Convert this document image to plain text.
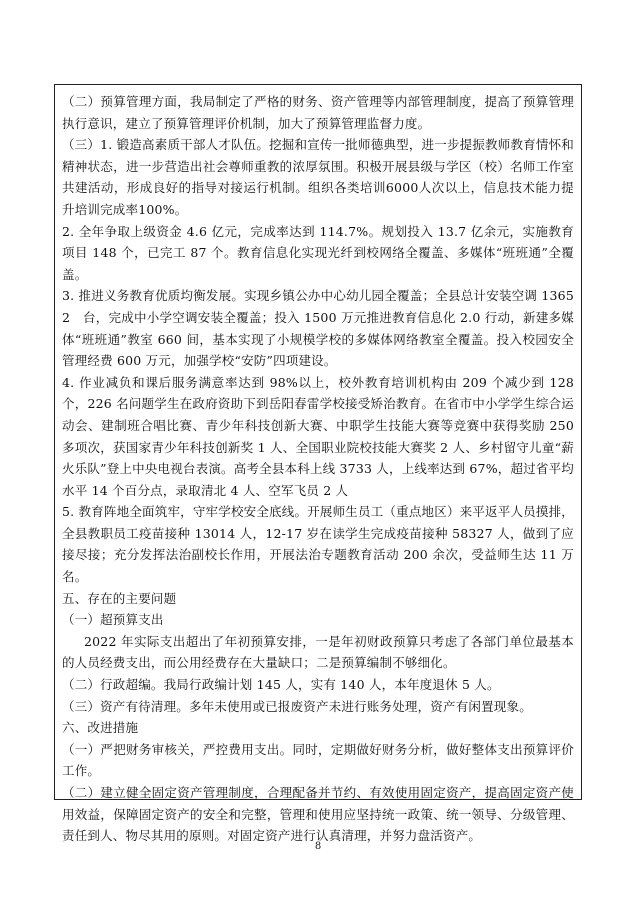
（二）预算管理方面，我局制定了严格的财务、资产管理等内部管理制度，提高了预算管理执行意识，建立了预算管理评价机制，加大了预算管理监督力度。

（三）1. 锻造高素质干部人才队伍。挖掘和宣传一批师德典型，进一步提振教师教育情怀和精神状态，进一步营造出社会尊师重教的浓厚氛围。积极开展县级与学区（校）名师工作室共建活动，形成良好的指导对接运行机制。组织各类培训6000人次以上，信息技术能力提升培训完成率100%。

2. 全年争取上级资金 4.6 亿元，完成率达到 114.7%。规划投入 13.7 亿余元，实施教育项目 148 个，已完工 87 个。教育信息化实现光纤到校网络全覆盖、多媒体“班班通”全覆盖。

3. 推进义务教育优质均衡发展。实现乡镇公办中心幼儿园全覆盖；全县总计安装空调 13652　台，完成中小学空调安装全覆盖；投入 1500 万元推进教育信息化 2.0 行动，新建多媒体“班班通”教室 660 间，基本实现了小规模学校的多媒体网络教室全覆盖。投入校园安全管理经费 600 万元，加强学校“安防”四项建设。

4. 作业减负和课后服务满意率达到 98%以上，校外教育培训机构由 209 个减少到 128 个，226 名问题学生在政府资助下到岳阳春雷学校接受矫治教育。在省市中小学学生综合运动会、建制班合唱比赛、青少年科技创新大赛、中职学生技能大赛等竞赛中获得奖励 250 多项次，获国家青少年科技创新奖 1 人、全国职业院校技能大赛奖 2 人、乡村留守儿童“薪火乐队”登上中央电视台表演。高考全县本科上线 3733 人，上线率达到 67%，超过省平均水平 14 个百分点，录取清北 4 人、空军飞员 2 人

5. 教育阵地全面筑牢，守牢学校安全底线。开展师生员工（重点地区）来平返平人员摸排，全县教职员工疫苗接种 13014 人，12-17 岁在读学生完成疫苗接种 58327 人，做到了应接尽接；充分发挥法治副校长作用，开展法治专题教育活动 200 余次，受益师生达 11 万名。

五、存在的主要问题

（一）超预算支出

2022 年实际支出超出了年初预算安排，一是年初财政预算只考虑了各部门单位最基本的人员经费支出，而公用经费存在大量缺口；二是预算编制不够细化。

（二）行政超编。我局行政编计划 145 人，实有 140 人，本年度退休 5 人。

（三）资产有待清理。多年未使用或已报废资产未进行账务处理，资产有闲置现象。

六、改进措施

（一）严把财务审核关，严控费用支出。同时，定期做好财务分析，做好整体支出预算评价工作。

（二）建立健全固定资产管理制度，合理配备并节约、有效使用固定资产，提高固定资产使用效益，保障固定资产的安全和完整，管理和使用应坚持统一政策、统一领导、分级管理、责任到人、物尽其用的原则。对固定资产进行认真清理，并努力盘活资产。

8
